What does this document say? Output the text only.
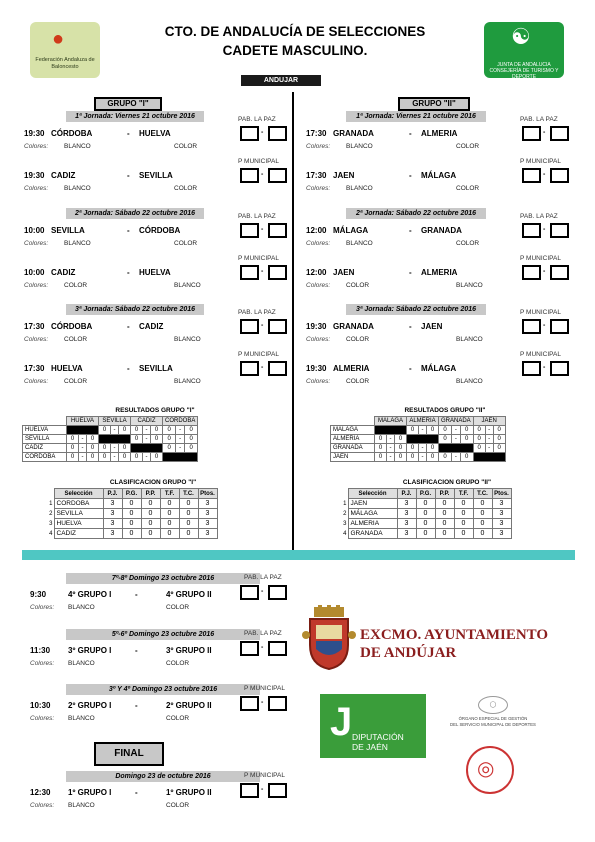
●
Federación Andaluza de Baloncesto
CTO. DE ANDALUCÍA DE SELECCIONES
CADETE MASCULINO.
☯
JUNTA DE ANDALUCIA CONSEJERÍA DE TURISMO Y DEPORTE
ANDUJAR
GRUPO "I"	GRUPO "II"
1ª Jornada: Viernes 21 octubre 2016	PAB. LA PAZ
19:30 CÓRDOBA	- HUELVA
Colores: BLANCO	COLOR
-
P MUNICIPAL
19:30 CADIZ	- SEVILLA
Colores: BLANCO	COLOR
-
2ª Jornada: Sábado 22 octubre 2016	PAB. LA PAZ
10:00 SEVILLA	- CÓRDOBA
Colores: BLANCO	COLOR
-
P MUNICIPAL
10:00 CADIZ	- HUELVA
Colores: COLOR	BLANCO
-
3ª Jornada: Sábado 22 octubre 2016	PAB. LA PAZ
17:30 CÓRDOBA	- CADIZ
Colores: COLOR	BLANCO
-
P MUNICIPAL
17:30 HUELVA	- SEVILLA
Colores: COLOR	BLANCO
-
1ª Jornada: Viernes 21 octubre 2016	PAB. LA PAZ
17:30 GRANADA	- ALMERIA
Colores: BLANCO	COLOR
-
P MUNICIPAL
17:30 JAEN	- MÁLAGA
Colores: BLANCO	COLOR
-
2ª Jornada: Sábado 22 octubre 2016	PAB. LA PAZ
12:00 MÁLAGA	- GRANADA
Colores: BLANCO	COLOR
-
P MUNICIPAL
12:00 JAEN	- ALMERIA
Colores: COLOR	BLANCO
-
3ª Jornada: Sábado 22 octubre 2016	P MUNICIPAL
19:30 GRANADA	- JAEN
Colores: COLOR	BLANCO
-
P MUNICIPAL
19:30 ALMERIA	- MÁLAGA
Colores: COLOR	BLANCO
-
RESULTADOS GRUPO "I"
	HUELVA			SEVILLA			CADIZ			CORDOBA		
HUELVA				0	-	0	0	-	0	0	-	0
SEVILLA	0	-	0				0	-	0	0	-	0
CADIZ	0	-	0	0	-	0				0	-	0
CORDOBA	0	-	0	0	-	0	0	-	0			
RESULTADOS GRUPO "II"
	MALAGA			ALMERIA			GRANADA			JAEN		
MALAGA				0	-	0	0	-	0	0	-	0
ALMERIA	0	-	0				0	-	0	0	-	0
GRANADA	0	-	0	0	-	0				0	-	0
JAEN	0	-	0	0	-	0	0	-	0			
CLASIFICACION GRUPO "I"
	Selección	P.J.	P.G.	P.P.	T.F.	T.C.	Ptos.
1	CORDOBA	3	0	0	0	0	3
2	SEVILLA	3	0	0	0	0	3
3	HUELVA	3	0	0	0	0	3
4	CADIZ	3	0	0	0	0	3
CLASIFICACION GRUPO "II"
	Selección	P.J.	P.G.	P.P.	T.F.	T.C.	Ptos.
1	JAEN	3	0	0	0	0	3
2	MÁLAGA	3	0	0	0	0	3
3	ALMERIA	3	0	0	0	0	3
4	GRANADA	3	0	0	0	0	3
7º-8º Domingo 23 octubre 2016	PAB. LA PAZ
9:30	4º GRUPO I	-	4º GRUPO II
Colores: BLANCO	COLOR
-
5º-6º Domingo 23 octubre 2016	PAB. LA PAZ
11:30 3º GRUPO I	-	3º GRUPO II
Colores: BLANCO	COLOR
-
3º Y 4º Domingo 23 octubre 2016	P MUNICIPAL
10:30 2º GRUPO I	-	2º GRUPO II
Colores: BLANCO	COLOR
-
Domingo 23 de octubre 2016	P MUNICIPAL
12:30 1º GRUPO I	-	1º GRUPO II
Colores: BLANCO	COLOR
-
FINAL
EXCMO. AYUNTAMIENTO
DE ANDÚJAR
J DIPUTACIÓN
DE JAÉN
◯
ÓRGANO ESPECIAL DE GESTIÓN
DEL SERVICIO MUNICIPAL DE DEPORTES
◎
